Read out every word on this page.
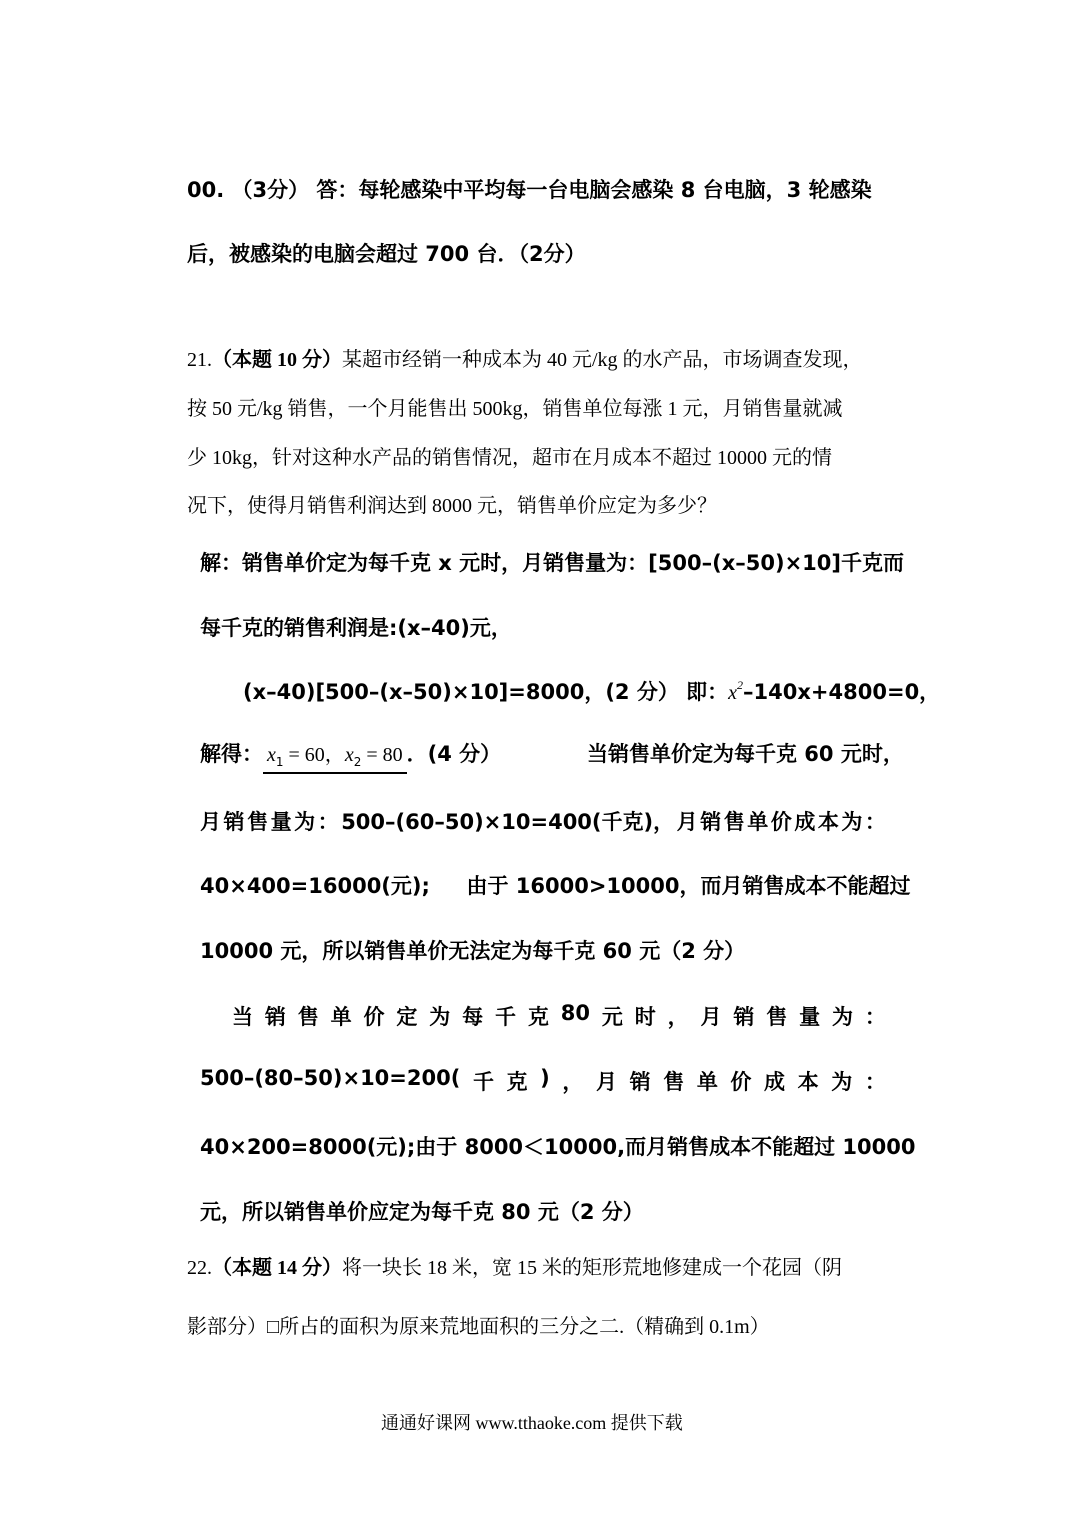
00. （3分） 答：每轮感染中平均每一台电脑会感染 8 台电脑，3 轮感染
后，被感染的电脑会超过 700 台．（2分）
21.（本题 10 分）某超市经销一种成本为 40 元/kg 的水产品，市场调查发现，
按 50 元/kg 销售，一个月能售出 500kg，销售单位每涨 1 元，月销售量就减
少 10kg，针对这种水产品的销售情况，超市在月成本不超过 10000 元的情
况下，使得月销售利润达到 8000 元，销售单价应定为多少？
解：销售单价定为每千克 x 元时，月销售量为：[500–(x–50)×10]千克而
每千克的销售利润是:(x–40)元，
(x–40)[500–(x–50)×10]=8000，(2 分） 即：$x^2-140x+4800=0$，
解得： $x_1 = 60$，$x_2 = 80$ ．(4 分）	当销售单价定为每千克 60 元时，
月 销 售 量 为 ： 500–(60–50)×10=400(千克)， 月 销 售 单 价 成 本 为 ：
40×400=16000(元);     由于 16000>10000，而月销售成本不能超过
10000 元，所以销售单价无法定为每千克 60 元（2 分）
当 销 售 单 价 定 为 每 千 克 80 元 时 ， 月 销 售 量 为 ：
500–(80–50)×10=200( 千 克 ) ， 月 销 售 单 价 成 本 为 ：
40×200=8000(元);由于 8000＜10000,而月销售成本不能超过 10000
元，所以销售单价应定为每千克 80 元（2 分）
22.（本题 14 分）将一块长 18 米，宽 15 米的矩形荒地修建成一个花园（阴
影部分）□所占的面积为原来荒地面积的三分之二.（精确到 0.1m）
通通好课网 www.tthaoke.com 提供下载
